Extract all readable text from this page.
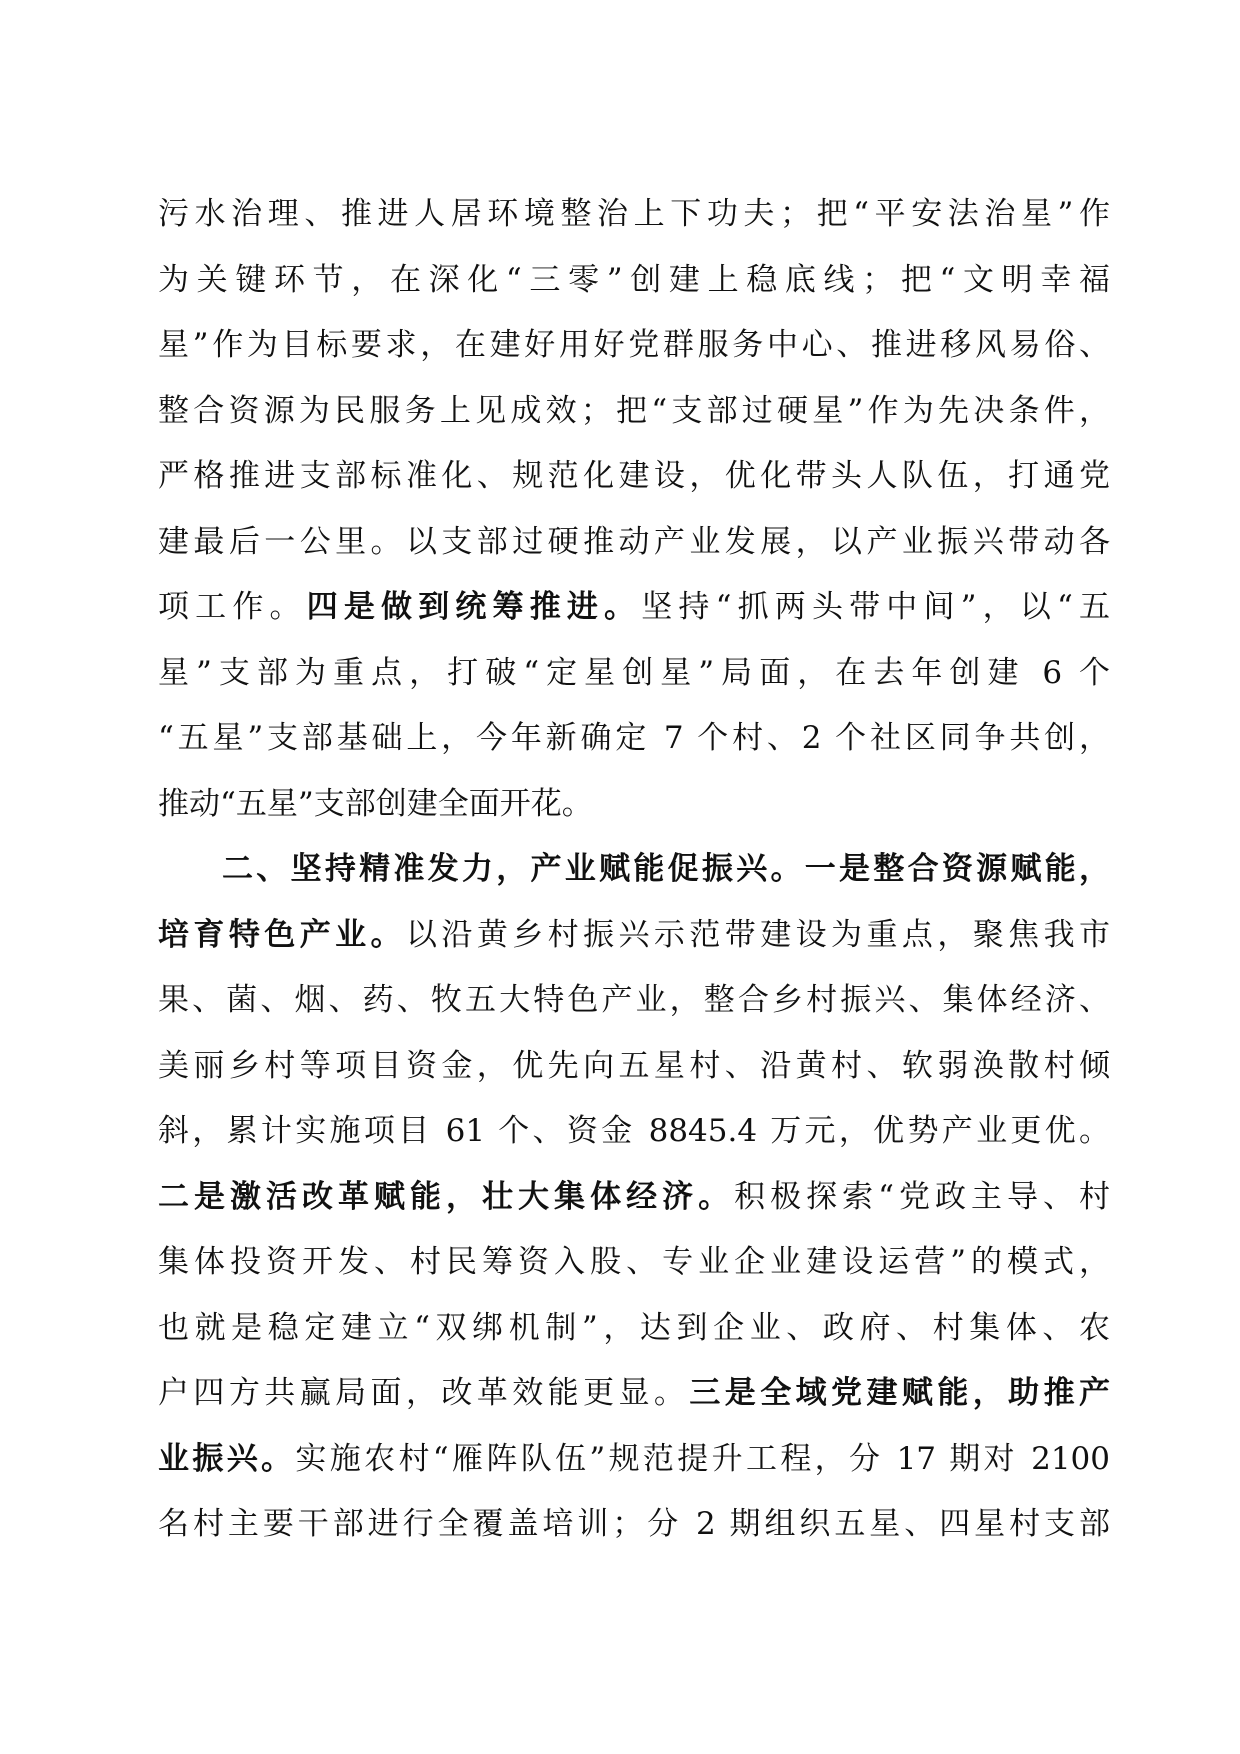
污水治理、推进人居环境整治上下功夫；把“平安法治星”作
为关键环节，在深化“三零”创建上稳底线；把“文明幸福
星”作为目标要求，在建好用好党群服务中心、推进移风易俗、
整合资源为民服务上见成效；把“支部过硬星”作为先决条件，
严格推进支部标准化、规范化建设，优化带头人队伍，打通党
建最后一公里。以支部过硬推动产业发展，以产业振兴带动各
项工作。四是做到统筹推进。坚持“抓两头带中间”，以“五
星”支部为重点，打破“定星创星”局面，在去年创建 6 个
“五星”支部基础上，今年新确定 7 个村、2 个社区同争共创，
推动“五星”支部创建全面开花。
二、坚持精准发力，产业赋能促振兴。一是整合资源赋能，
培育特色产业。以沿黄乡村振兴示范带建设为重点，聚焦我市
果、菌、烟、药、牧五大特色产业，整合乡村振兴、集体经济、
美丽乡村等项目资金，优先向五星村、沿黄村、软弱涣散村倾
斜，累计实施项目 61 个、资金 8845.4 万元，优势产业更优。
二是激活改革赋能，壮大集体经济。积极探索“党政主导、村
集体投资开发、村民筹资入股、专业企业建设运营”的模式，
也就是稳定建立“双绑机制”，达到企业、政府、村集体、农
户四方共赢局面，改革效能更显。三是全域党建赋能，助推产
业振兴。实施农村“雁阵队伍”规范提升工程，分 17 期对 2100
名村主要干部进行全覆盖培训；分 2 期组织五星、四星村支部
